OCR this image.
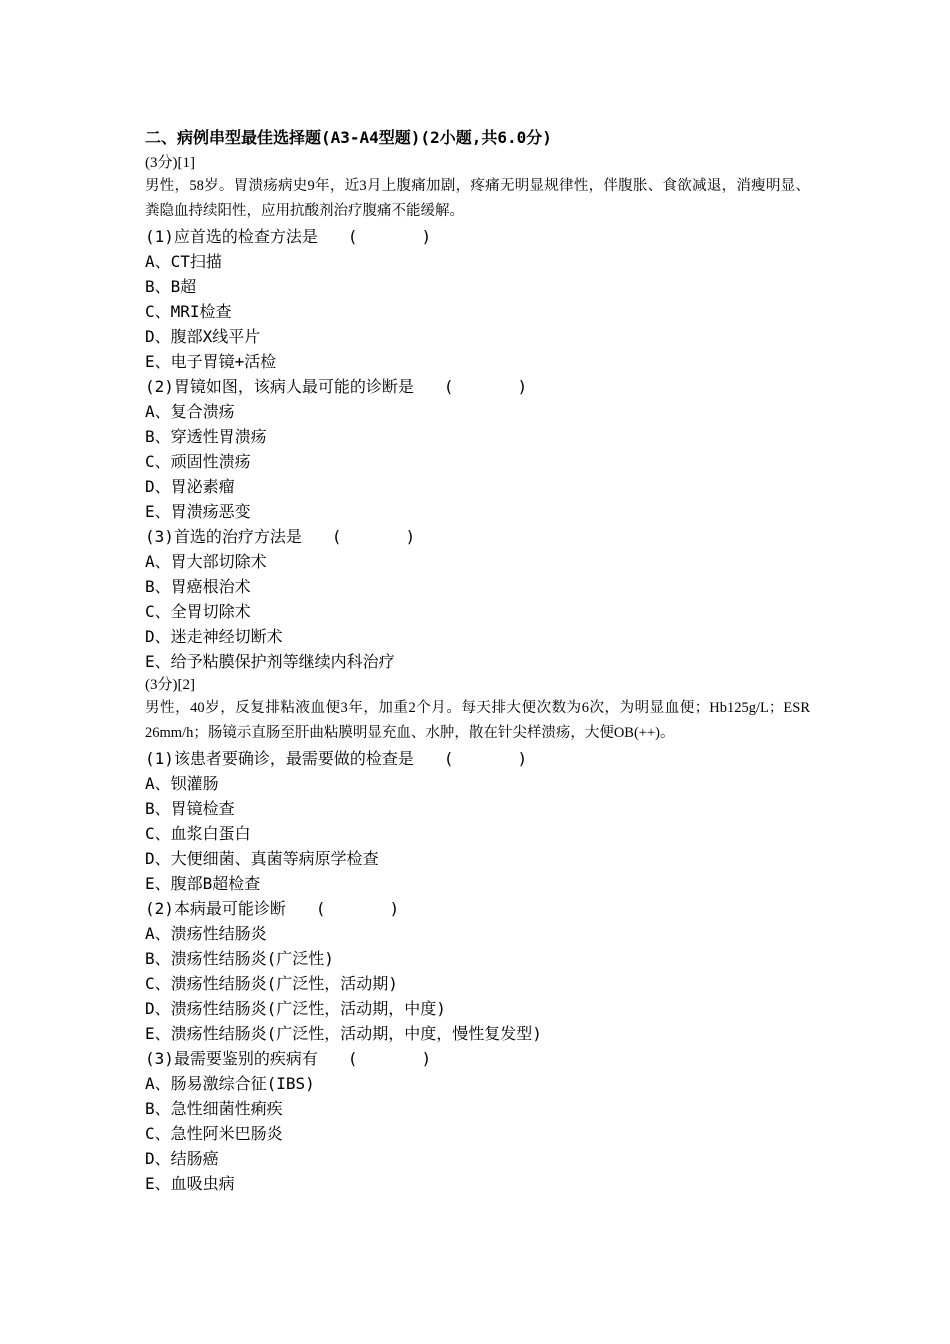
二、病例串型最佳选择题(A3-A4型题)(2小题,共6.0分)
(3分)[1]
男性，58岁。胃溃疡病史9年，近3月上腹痛加剧，疼痛无明显规律性，伴腹胀、食欲减退，消瘦明显、粪隐血持续阳性，应用抗酸剂治疗腹痛不能缓解。
(1)应首选的检查方法是 (	)
A、CT扫描
B、B超
C、MRI检查
D、腹部X线平片
E、电子胃镜+活检
(2)胃镜如图，该病人最可能的诊断是 (	)
A、复合溃疡
B、穿透性胃溃疡
C、顽固性溃疡
D、胃泌素瘤
E、胃溃疡恶变
(3)首选的治疗方法是 (	)
A、胃大部切除术
B、胃癌根治术
C、全胃切除术
D、迷走神经切断术
E、给予粘膜保护剂等继续内科治疗
(3分)[2]
男性，40岁，反复排粘液血便3年，加重2个月。每天排大便次数为6次，为明显血便；Hb125g/L；ESR 26mm/h；肠镜示直肠至肝曲粘膜明显充血、水肿，散在针尖样溃疡，大便OB(++)。
(1)该患者要确诊，最需要做的检查是 (	)
A、钡灌肠
B、胃镜检查
C、血浆白蛋白
D、大便细菌、真菌等病原学检查
E、腹部B超检查
(2)本病最可能诊断 (	)
A、溃疡性结肠炎
B、溃疡性结肠炎(广泛性)
C、溃疡性结肠炎(广泛性，活动期)
D、溃疡性结肠炎(广泛性，活动期，中度)
E、溃疡性结肠炎(广泛性，活动期，中度，慢性复发型)
(3)最需要鉴别的疾病有 (	)
A、肠易激综合征(IBS)
B、急性细菌性痢疾
C、急性阿米巴肠炎
D、结肠癌
E、血吸虫病
